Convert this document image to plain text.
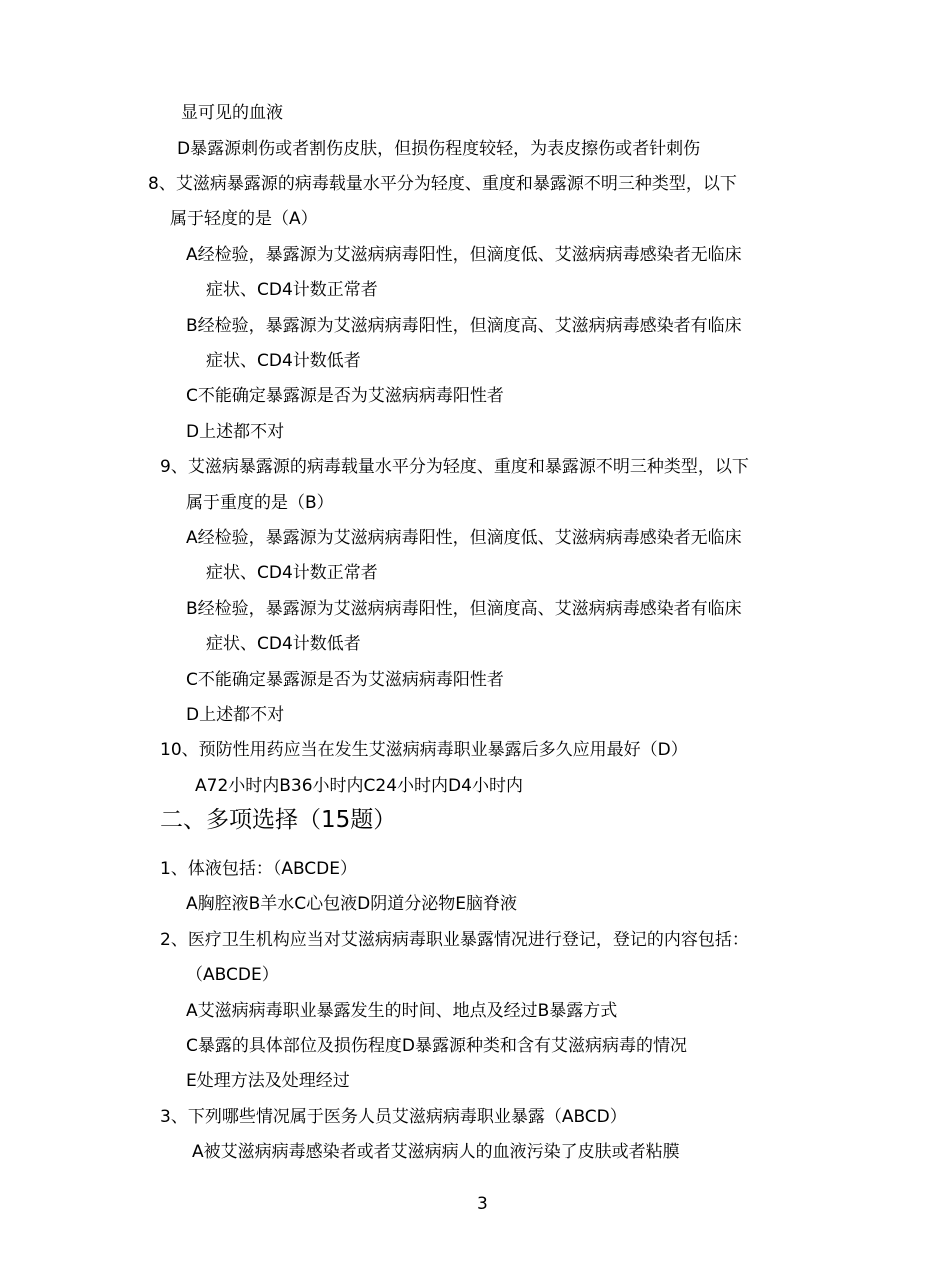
显可见的血液
D暴露源刺伤或者割伤皮肤，但损伤程度较轻，为表皮擦伤或者针刺伤
8、艾滋病暴露源的病毒载量水平分为轻度、重度和暴露源不明三种类型，以下
属于轻度的是（A）
A经检验，暴露源为艾滋病病毒阳性，但滴度低、艾滋病病毒感染者无临床
症状、CD4计数正常者
B经检验，暴露源为艾滋病病毒阳性，但滴度高、艾滋病病毒感染者有临床
症状、CD4计数低者
C不能确定暴露源是否为艾滋病病毒阳性者
D上述都不对
9、艾滋病暴露源的病毒载量水平分为轻度、重度和暴露源不明三种类型，以下
属于重度的是（B）
A经检验，暴露源为艾滋病病毒阳性，但滴度低、艾滋病病毒感染者无临床
症状、CD4计数正常者
B经检验，暴露源为艾滋病病毒阳性，但滴度高、艾滋病病毒感染者有临床
症状、CD4计数低者
C不能确定暴露源是否为艾滋病病毒阳性者
D上述都不对
10、预防性用药应当在发生艾滋病病毒职业暴露后多久应用最好（D）
A72小时内B36小时内C24小时内D4小时内
二、多项选择（15题）
1、体液包括：（ABCDE）
A胸腔液B羊水C心包液D阴道分泌物E脑脊液
2、医疗卫生机构应当对艾滋病病毒职业暴露情况进行登记，登记的内容包括：
（ABCDE）
A艾滋病病毒职业暴露发生的时间、地点及经过B暴露方式
C暴露的具体部位及损伤程度D暴露源种类和含有艾滋病病毒的情况
E处理方法及处理经过
3、下列哪些情况属于医务人员艾滋病病毒职业暴露（ABCD）
A被艾滋病病毒感染者或者艾滋病病人的血液污染了皮肤或者粘膜
3
